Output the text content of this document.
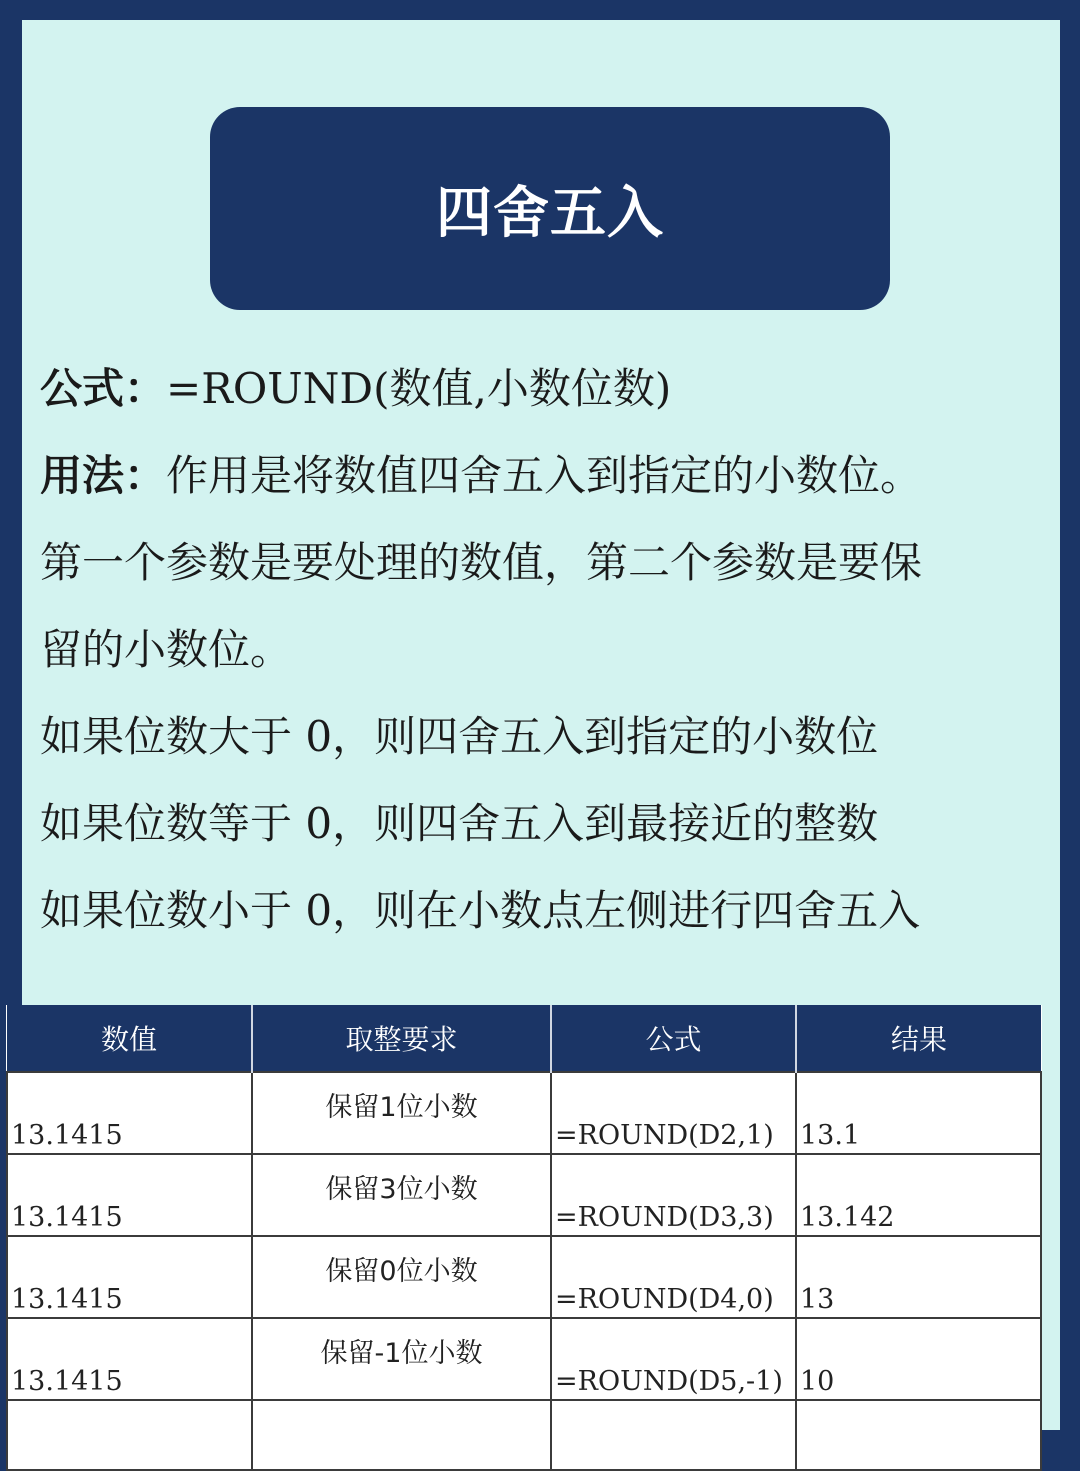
四舍五入
公式：=ROUND(数值,小数位数)
用法：作用是将数值四舍五入到指定的小数位。
第一个参数是要处理的数值，第二个参数是要保
留的小数位。
如果位数大于 0，则四舍五入到指定的小数位
如果位数等于 0，则四舍五入到最接近的整数
如果位数小于 0，则在小数点左侧进行四舍五入
数值	取整要求	公式	结果
13.1415	保留1位小数	=ROUND(D2,1)	13.1
13.1415	保留3位小数	=ROUND(D3,3)	13.142
13.1415	保留0位小数	=ROUND(D4,0)	13
13.1415	保留-1位小数	=ROUND(D5,-1)	10
